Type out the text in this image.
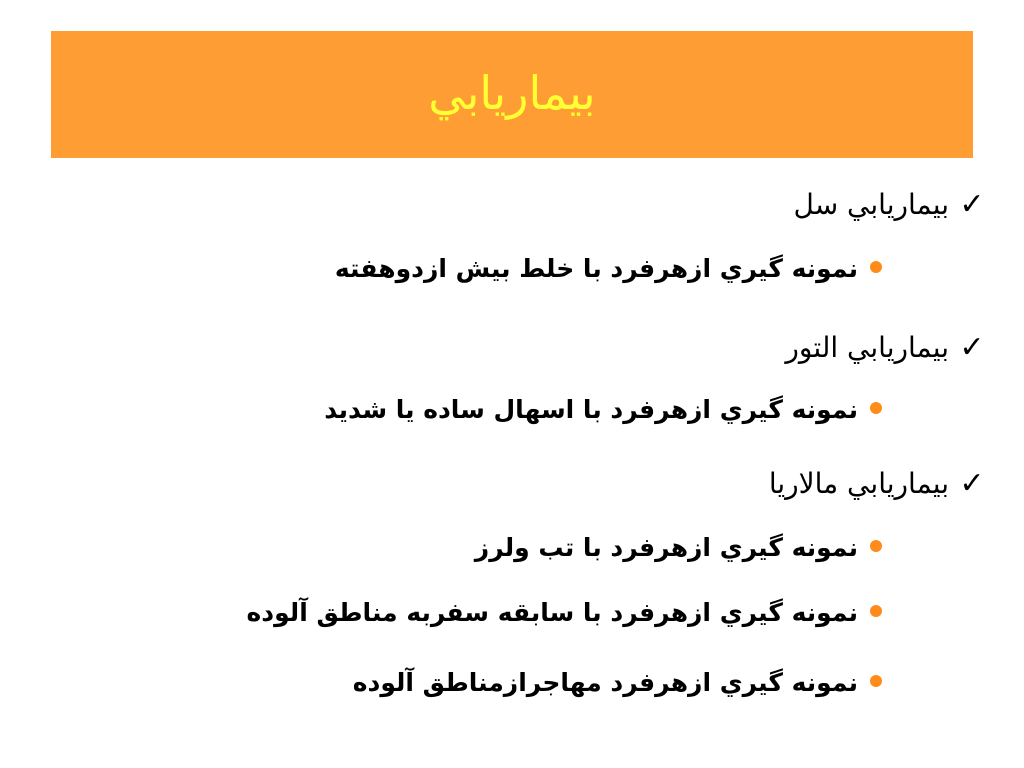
بيماريابي
✓
بيماريابي سل
نمونه گيري ازهرفرد با خلط بيش ازدوهفته
✓
بيماريابي التور
نمونه گيري ازهرفرد با اسهال ساده يا شديد
✓
بيماريابي مالاريا
نمونه گيري ازهرفرد با تب ولرز
نمونه گيري ازهرفرد با سابقه سفربه مناطق آلوده
نمونه گيري ازهرفرد مهاجرازمناطق آلوده
